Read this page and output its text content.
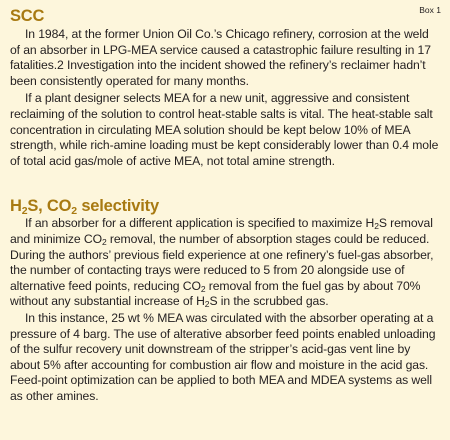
Box 1
SCC

In 1984, at the former Union Oil Co.’s Chicago refinery, corrosion at the weld of an absorber in LPG-MEA service caused a catastrophic failure resulting in 17 fatalities.2 Investigation into the incident showed the refinery’s reclaimer hadn’t been consistently operated for many months.

If a plant designer selects MEA for a new unit, aggressive and consistent reclaiming of the solution to control heat-stable salts is vital. The heat-stable salt concentration in circulating MEA solution should be kept below 10% of MEA strength, while rich-amine loading must be kept considerably lower than 0.4 mole of total acid gas/mole of active MEA, not total amine strength.

$H_2S$, $CO_2$ selectivity

If an absorber for a different application is specified to maximize $H_2S$ removal and minimize $CO_2$ removal, the number of absorption stages could be reduced. During the authors’ previous field experience at one refinery’s fuel-gas absorber, the number of contacting trays were reduced to 5 from 20 alongside use of alternative feed points, reducing $CO_2$ removal from the fuel gas by about 70% without any substantial increase of $H_2S$ in the scrubbed gas.

In this instance, 25 wt % MEA was circulated with the absorber operating at a pressure of 4 barg. The use of alterative absorber feed points enabled unloading of the sulfur recovery unit downstream of the stripper’s acid-gas vent line by about 5% after accounting for combustion air flow and moisture in the acid gas. Feed-point optimization can be applied to both MEA and MDEA systems as well as other amines.
